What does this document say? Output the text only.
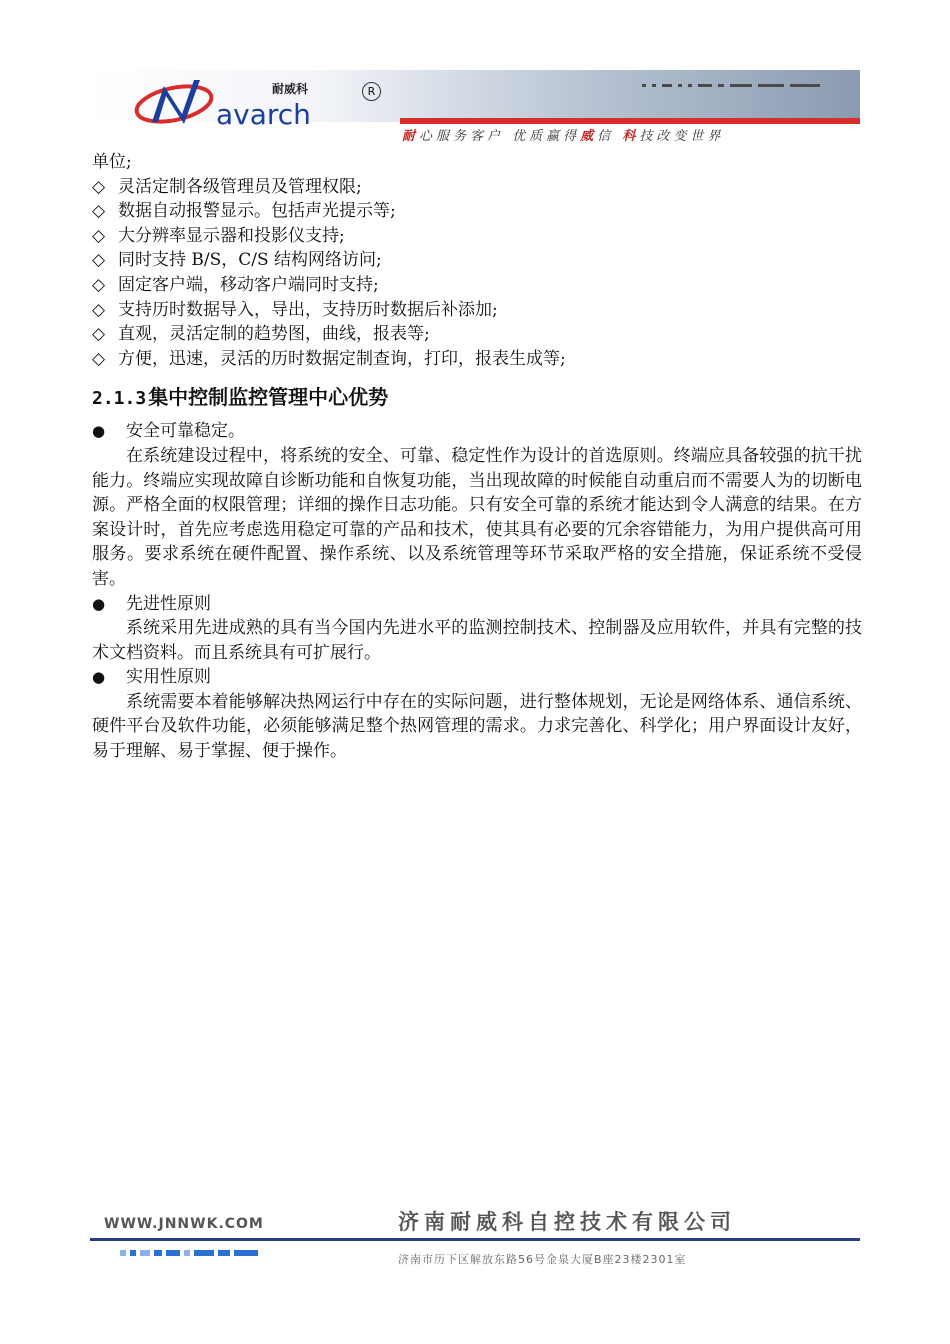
耐心服务客户 优质赢得威信 科技改变世界
耐威科	R
avarch
单位;
◇ 灵活定制各级管理员及管理权限;
◇ 数据自动报警显示。包括声光提示等;
◇ 大分辨率显示器和投影仪支持;
◇ 同时支持 B/S，C/S 结构网络访问;
◇ 固定客户端，移动客户端同时支持;
◇ 支持历时数据导入，导出，支持历时数据后补添加;
◇ 直观，灵活定制的趋势图，曲线，报表等;
◇ 方便，迅速，灵活的历时数据定制查询，打印，报表生成等;
2.1.3 集中控制监控管理中心优势
● 安全可靠稳定。

在系统建设过程中，将系统的安全、可靠、稳定性作为设计的首选原则。终端应具备较强的抗干扰能力。终端应实现故障自诊断功能和自恢复功能，当出现故障的时候能自动重启而不需要人为的切断电源。严格全面的权限管理；详细的操作日志功能。只有安全可靠的系统才能达到令人满意的结果。在方案设计时，首先应考虑选用稳定可靠的产品和技术，使其具有必要的冗余容错能力，为用户提供高可用服务。要求系统在硬件配置、操作系统、以及系统管理等环节采取严格的安全措施，保证系统不受侵害。

● 先进性原则

系统采用先进成熟的具有当今国内先进水平的监测控制技术、控制器及应用软件，并具有完整的技术文档资料。而且系统具有可扩展行。

● 实用性原则

系统需要本着能够解决热网运行中存在的实际问题，进行整体规划，无论是网络体系、通信系统、硬件平台及软件功能，必须能够满足整个热网管理的需求。力求完善化、科学化；用户界面设计友好，易于理解、易于掌握、便于操作。

WWW.JNNWK.COM	济南耐威科自控技术有限公司
济南市历下区解放东路56号金泉大厦B座23楼2301室
